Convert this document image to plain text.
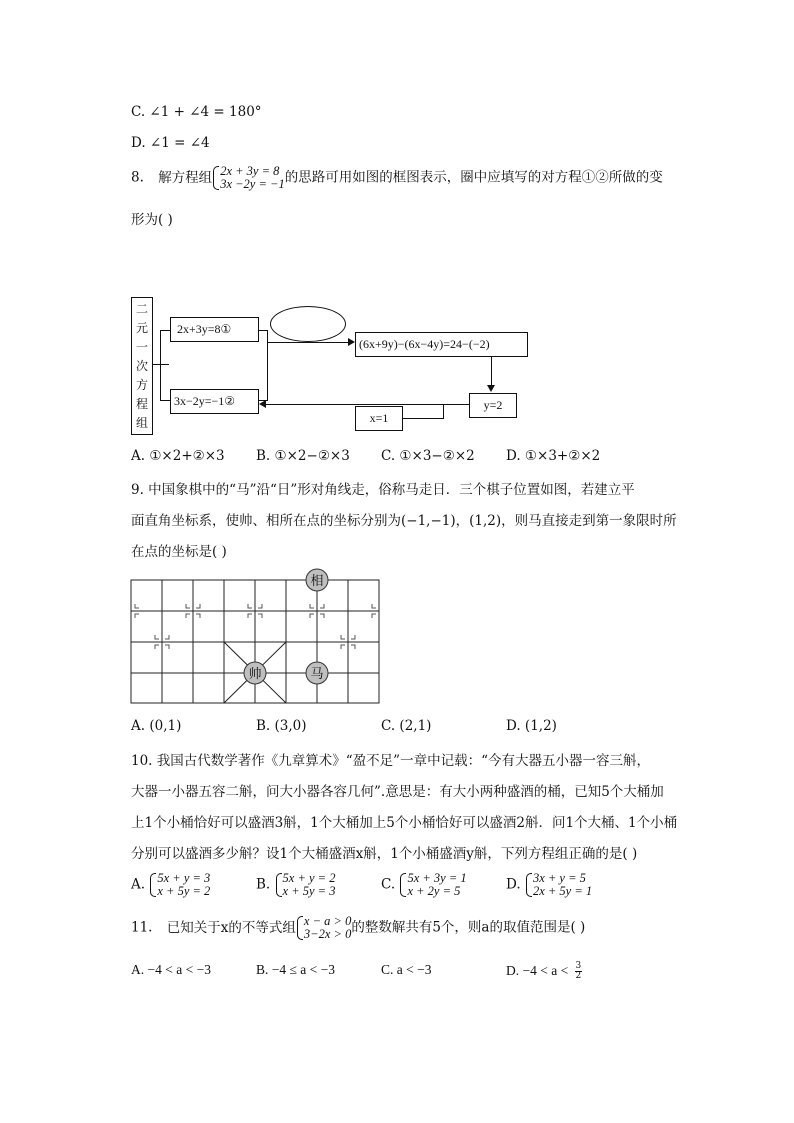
C. ∠1 + ∠4 = 180°
D. ∠1 = ∠4
8. 解方程组 2x + 3y = 8
3x −2y = −1 的思路可用如图的框图表示，圈中应填写的对方程①②所做的变
形为( )
二
元
一
次
方
程
组
2x+3y=8①
3x−2y=−1②
(6x+9y)−(6x−4y)=24−(−2)
y=2
x=1
A. ①×2+②×3 B. ①×2−②×3 C. ①×3−②×2 D. ①×3+②×2
9. 中国象棋中的“马”沿“日”形对角线走，俗称马走日．三个棋子位置如图，若建立平
面直角坐标系，使帅、相所在点的坐标分别为(−1,−1)，(1,2)，则马直接走到第一象限时所
在点的坐标是( )
相
帅	马
A. (0,1)	B. (3,0)	C. (2,1)	D. (1,2)
10. 我国古代数学著作《九章算术》“盈不足”一章中记载：“今有大器五小器一容三斛，
大器一小器五容二斛，问大小器各容几何”.意思是：有大小两种盛酒的桶，已知5个大桶加
上1个小桶恰好可以盛酒3斛，1个大桶加上5个小桶恰好可以盛酒2斛．问1个大桶、1个小桶
分别可以盛酒多少斛？设1个大桶盛酒x斛，1个小桶盛酒y斛，下列方程组正确的是( )
A. 5x + y = 3
x + 5y = 2	B. 5x + y = 2
x + 5y = 3	C. 5x + 3y = 1
x + 2y = 5	D. 3x + y = 5
2x + 5y = 1
11. 已知关于x的不等式组 x − a > 0
3−2x > 0 的整数解共有5个，则a的取值范围是( )
A. −4 < a < −3	B. −4 ≤ a < −3	C. a < −3	D. $-4 < a < \frac{3}{2}$
